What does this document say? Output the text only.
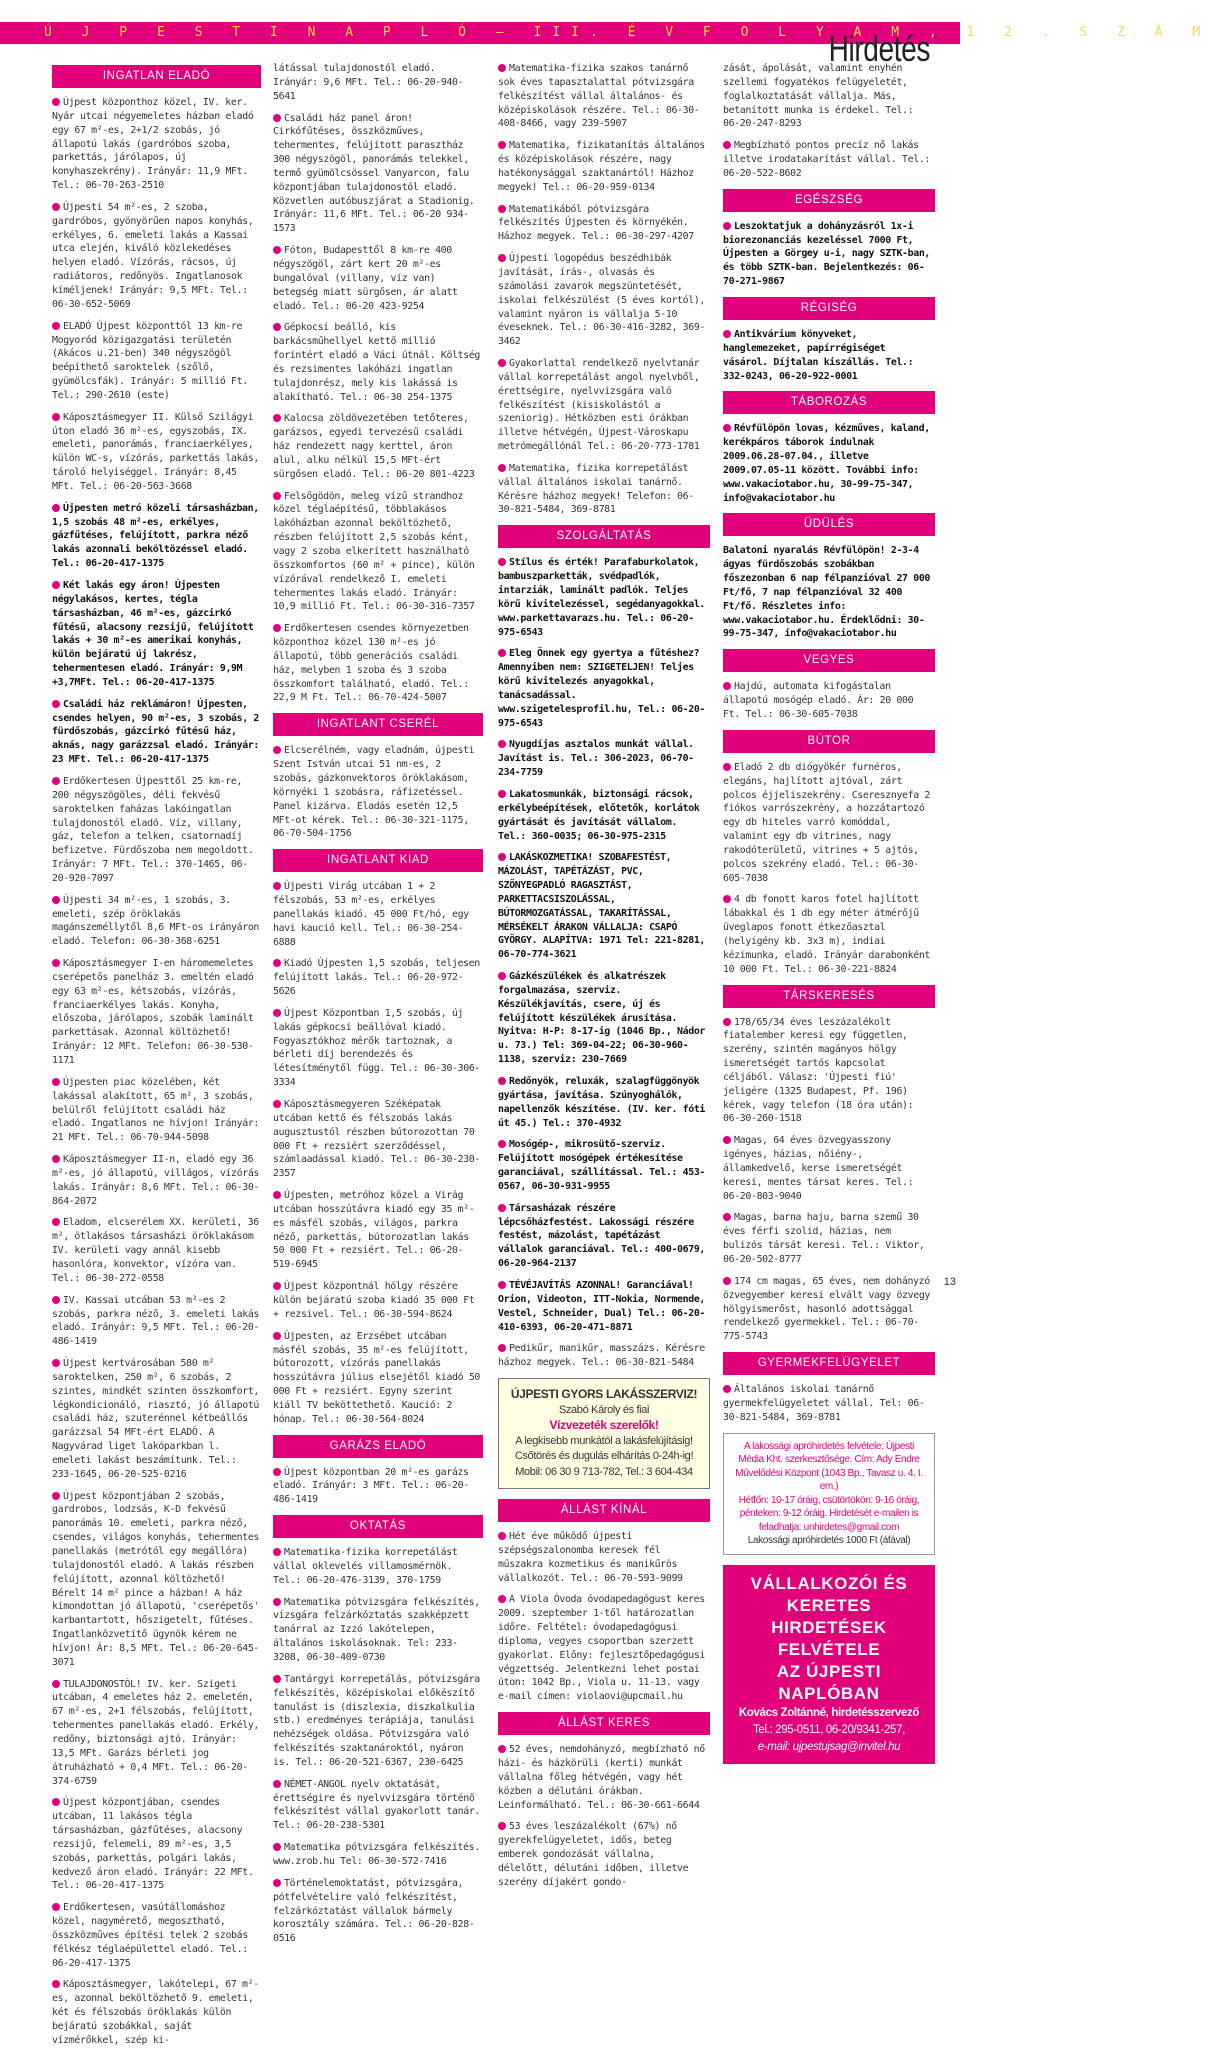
Ú J P E S T I N A P L Ó – III. É V F O L Y A M , 1 2 . S Z Á M
Hirdetés
INGATLAN ELADÓ
Újpest központhoz közel, IV. ker. Nyár utcai négyemeletes házban eladó egy 67 m²-es, 2+1/2 szobás, jó állapotú lakás (gardróbos szoba, parkettás, járólapos, új konyhaszekrény). Irányár: 11,9 MFt. Tel.: 06-70-263-2510
Újpesti 54 m²-es, 2 szoba, gardróbos, gyönyörűen napos konyhás, erkélyes, 6. emeleti lakás a Kassai utca elején, kiváló közlekedéses helyen eladó. Vízórás, rácsos, új radiátoros, redőnyös. Ingatlanosok kíméljenek! Irányár: 9,5 MFt. Tel.: 06-30-652-5069
ELADÓ Újpest központtól 13 km-re Mogyoród közigazgatási területén (Akácos u.21-ben) 340 négyszögöl beépíthető saroktelek (szőlő, gyümölcsfák). Irányár: 5 millió Ft. Tel.: 290-2610 (este)
Káposztásmegyer II. Külső Szilágyi úton eladó 36 m²-es, egyszobás, IX. emeleti, panorámás, franciaerkélyes, külön WC-s, vízórás, parkettás lakás, tároló helyiséggel. Irányár: 8,45 MFt. Tel.: 06-20-563-3668
Újpesten metró közeli társasházban, 1,5 szobás 48 m²-es, erkélyes, gázfűtéses, felújított, parkra néző lakás azonnali beköltözéssel eladó. Tel.: 06-20-417-1375
Két lakás egy áron! Újpesten négylakásos, kertes, tégla társasházban, 46 m²-es, gázcirkó fűtésű, alacsony rezsijű, felújított lakás + 30 m²-es amerikai konyhás, külön bejáratú új lakrész, tehermentesen eladó. Irányár: 9,9M +3,7MFt. Tel.: 06-20-417-1375
Családi ház reklámáron! Újpesten, csendes helyen, 90 m²-es, 3 szobás, 2 fürdőszobás, gázcirkó fűtésű ház, aknás, nagy garázzsal eladó. Irányár: 23 MFt. Tel.: 06-20-417-1375
Erdőkertesen Újpesttől 25 km-re, 200 négyszögöles, déli fekvésű saroktelken faházas lakóingatlan tulajdonostól eladó. Víz, villany, gáz, telefon a telken, csatornadíj befizetve. Fürdőszoba nem megoldott. Irányár: 7 MFt. Tel.: 370-1465, 06-20-920-7097
Újpesti 34 m²-es, 1 szobás, 3. emeleti, szép öröklakás magánszeméllytől 8,6 MFt-os irányáron eladó. Telefon: 06-30-368-6251
Káposztásmegyer I-en háromemeletes cserépetős panelház 3. emeltén eladó egy 63 m²-es, kétszobás, vízórás, franciaerkélyes lakás. Konyha, előszoba, járólapos, szobák laminált parkettásak. Azonnal költözhető! Irányár: 12 MFt. Telefon: 06-30-530-1171
Újpesten piac közelében, két lakással alakított, 65 m², 3 szobás, belülről felújított családi ház eladó. Ingatlanos ne hívjon! Irányár: 21 MFt. Tel.: 06-70-944-5098
Káposztásmegyer II-n, eladó egy 36 m²-es, jó állapotú, villágos, vízórás lakás. Irányár: 8,6 MFt. Tel.: 06-30-864-2072
Eladom, elcserélem XX. kerületi, 36 m², ötlakásos társasházi öröklakásom IV. kerületi vagy annál kisebb hasonlóra, konvektor, vízóra van. Tel.: 06-30-272-0558
IV. Kassai utcában 53 m²-es 2 szobás, parkra néző, 3. emeleti lakás eladó. Irányár: 9,5 MFt. Tel.: 06-20-486-1419
Újpest kertvárosában 580 m² saroktelken, 250 m², 6 szobás, 2 szintes, mindkét szinten összkomfort, légkondicionáló, riasztó, jó állapotú családi ház, szuterénnel kétbeállós garázzsal 54 MFt-ért ELADÓ. A Nagyvárad liget lakóparkban l. emeleti lakást beszámítunk. Tel.: 233-1645, 06-20-525-0216
Újpest központjában 2 szobás, gardrobos, lodzsás, K-D fekvésű panorámás 10. emeleti, parkra néző, csendes, világos konyhás, tehermentes panellakás (metrótól egy megállóra) tulajdonostól eladó. A lakás részben felújított, azonnal költözhető! Bérelt 14 m² pince a házban! A ház kimondottan jó állapotú, 'cserépetős' karbantartott, hőszigetelt, fűtéses. Ingatlanközvetítő ügynök kérem ne hívjon! Ár: 8,5 MFt. Tel.: 06-20-645-3071
TULAJDONOSTÓL! IV. ker. Szigeti utcában, 4 emeletes ház 2. emeletén, 67 m²-es, 2+1 félszobás, felújított, tehermentes panellakás eladó. Erkély, redőny, biztonsági ajtó. Irányár: 13,5 MFt. Garázs bérleti jog átruházható + 0,4 MFt. Tel.: 06-20-374-6759
Újpest központjában, csendes utcában, 11 lakásos tégla társasházban, gázfűtéses, alacsony rezsijű, felemeli, 89 m²-es, 3,5 szobás, parkettás, polgári lakás, kedvező áron eladó. Irányár: 22 MFt. Tel.: 06-20-417-1375
Erdőkertesen, vasútállomáshoz közel, nagymérető, megosztható, összközműves építési telek 2 szobás félkész téglaépülettel eladó. Tel.: 06-20-417-1375
Káposztásmegyer, lakótelepi, 67 m²-es, azonnal beköltözhető 9. emeleti, két és félszobás öröklakás külön bejáratú szobákkal, saját vízmérőkkel, szép ki-
látással tulajdonostól eladó. Irányár: 9,6 MFt. Tel.: 06-20-940-5641
Családi ház panel áron! Cirkófűtéses, összközműves, tehermentes, felújított parasztház 300 négyszögöl, panorámás telekkel, termő gyümölcsössel Vanyarcon, falu központjában tulajdonostól eladó. Közvetlen autóbuszjárat a Stadionig. Irányár: 11,6 MFt. Tel.: 06-20 934-1573
Fóton, Budapesttől 8 km-re 400 négyszögöl, zárt kert 20 m²-es bungalóval (villany, víz van) betegség miatt sürgősen, ár alatt eladó. Tel.: 06-20 423-9254
Gépkocsi beálló, kis barkácsműhellyel kettő millió forintért eladó a Váci útnál. Költség és rezsimentes lakóházi ingatlan tulajdonrész, mely kis lakássá is alakítható. Tel.: 06-30 254-1375
Kalocsa zöldövezetében tetőteres, garázsos, egyedi tervezésű családi ház rendezett nagy kerttel, áron alul, alku nélkül 15,5 MFt-ért sürgősen eladó. Tel.: 06-20 801-4223
Felsőgödön, meleg vízű strandhoz közel téglaépítésű, többlakásos lakóházban azonnal beköltözhető, részben felújított 2,5 szobás ként, vagy 2 szoba elkerített használható összkomfortos (60 m² + pince), külön vízórával rendelkező I. emeleti tehermentes lakás eladó. Irányár: 10,9 millió Ft. Tel.: 06-30-316-7357
Erdőkertesen csendes környezetben központhoz közel 130 m²-es jó állapotú, több generációs családi ház, melyben 1 szoba és 3 szoba összkomfort található, eladó. Tel.: 22,9 M Ft. Tel.: 06-70-424-5007
INGATLANT CSERÉL
Elcserélném, vagy eladnám, újpesti Szent István utcai 51 nm-es, 2 szobás, gázkonvektoros öröklakásom, környéki 1 szobásra, ráfizetéssel. Panel kizárva. Eladás esetén 12,5 MFt-ot kérek. Tel.: 06-30-321-1175, 06-70-504-1756
INGATLANT KIAD
Újpesti Virág utcában 1 + 2 félszobás, 53 m²-es, erkélyes panellakás kiadó. 45 000 Ft/hó, egy havi kaució kell. Tel.: 06-30-254-6888
Kiadó Újpesten 1,5 szobás, teljesen felújított lakás. Tel.: 06-20-972-5626
Újpest Központban 1,5 szobás, új lakás gépkocsi beállóval kiadó. Fogyasztókhoz mérők tartoznak, a bérleti díj berendezés és létesítménytől függ. Tel.: 06-30-306-3334
Káposztásmegyeren Széképatak utcában kettő és félszobás lakás augusztustól részben bútorozottan 70 000 Ft + rezsiért szerződéssel, számlaadással kiadó. Tel.: 06-30-230-2357
Újpesten, metróhoz közel a Virág utcában hosszútávra kiadó egy 35 m²-es másfél szobás, világos, parkra néző, parkettás, bútorozatlan lakás 50 000 Ft + rezsiért. Tel.: 06-20-519-6945
Újpest központnál hölgy részére külön bejáratú szoba kiadó 35 000 Ft + rezsivel. Tel.: 06-30-594-8624
Újpesten, az Erzsébet utcában másfél szobás, 35 m²-es felújított, bútorozott, vízórás panellakás hosszútávra július elsejétől kiadó 50 000 Ft + rezsiért. Egyny szerint kiáll TV beköttethető. Kaució: 2 hónap. Tel.: 06-30-564-8024
GARÁZS ELADÓ
Újpest központban 20 m²-es garázs eladó. Irányár: 3 MFt. Tel.: 06-20-486-1419
OKTATÁS
Matematika-fizika korrepetálást vállal oklevelés villamosmérnök. Tel.: 06-20-476-3139, 370-1759
Matematika pótvizsgára felkészítés, vizsgára felzárkóztatás szakképzett tanárral az Izzó lakótelepen, általános iskolásoknak. Tel: 233-3208, 06-30-409-0730
Tantárgyi korrepetálás, pótvizsgára felkészítés, középiskolai előkészítő tanulást is (diszlexia, diszkalkulia stb.) eredményes terápiája, tanulási nehézségek oldása. Pótvizsgára való felkészítés szaktanároktól, nyáron is. Tel.: 06-20-521-6367, 230-6425
NÉMET-ANGOL nyelv oktatását, érettségire és nyelvvizsgára történő felkészítést vállal gyakorlott tanár. Tel.: 06-20-238-5301
Matematika pótvizsgára felkészítés. www.zrob.hu Tel: 06-30-572-7416
Történelemoktatást, pótvizsgára, pótfelvételire való felkészítést, felzárkóztatást vállalok bármely korosztály számára. Tel.: 06-20-828-0516
Matematika-fizika szakos tanárnő sok éves tapasztalattal pótvizsgára felkészítést vállal általános- és középiskolások részére. Tel.: 06-30-408-8466, vagy 239-5907
Matematika, fizikatanítás általános és középiskolások részére, nagy hatékonysággal szaktanártól! Házhoz megyek! Tel.: 06-20-959-0134
Matematikából pótvizsgára felkészítés Újpesten és környékén. Házhoz megyek. Tel.: 06-30-297-4207
Újpesti logopédus beszédhibák javítását, írás-, olvasás és számolási zavarok megszüntetését, iskolai felkészülést (5 éves kortól), valamint nyáron is vállalja 5-10 éveseknek. Tel.: 06-30-416-3282, 369-3462
Gyakorlattal rendelkező nyelvtanár vállal korrepetálást angol nyelvből, érettségire, nyelvvizsgára való felkészítést (kisiskolástól a szeniorig). Hétközben esti órákban illetve hétvégén, Újpest-Városkapu metrómegállónál Tel.: 06-20-773-1781
Matematika, fizika korrepetálást vállal általános iskolai tanárnő. Kérésre házhoz megyek! Telefon: 06-30-821-5484, 369-8781
SZOLGÁLTATÁS
Stílus és érték! Parafaburkolatok, bambuszparketták, svédpadlók, intarziák, laminált padlók. Teljes körű kivitelezéssel, segédanyagokkal. www.parkettavarazs.hu. Tel.: 06-20-975-6543
Eleg Önnek egy gyertya a fűtéshez? Amennyiben nem: SZIGETELJEN! Teljes körű kivitelezés anyagokkal, tanácsadással. www.szigetelesprofil.hu, Tel.: 06-20-975-6543
Nyugdíjas asztalos munkát vállal. Javítást is. Tel.: 306-2023, 06-70-234-7759
Lakatosmunkák, biztonsági rácsok, erkélybeépítések, előtetők, korlátok gyártását és javítását vállalom. Tel.: 360-0035; 06-30-975-2315
LAKÁSKOZMETIKA! SZOBAFESTÉST, MÁZOLÁST, TAPÉTÁZÁST, PVC, SZŐNYEGPADLÓ RAGASZTÁST, PARKETTACSISZOLÁSSAL, BÚTORMOZGATÁSSAL, TAKARÍTÁSSAL, MÉRSÉKELT ÁRAKON VÁLLALJA: CSAPÓ GYÖRGY. ALAPÍTVA: 1971 Tel: 221-8281, 06-70-774-3621
Gázkészülékek és alkatrészek forgalmazása, szerviz. Készülékjavítás, csere, új és felújított készülékek árusítása. Nyitva: H-P: 8-17-ig (1046 Bp., Nádor u. 73.) Tel: 369-04-22; 06-30-960-1138, szerviz: 230-7669
Redőnyök, reluxák, szalagfüggönyök gyártása, javítása. Szúnyoghálók, napellenzők készítése. (IV. ker. fóti út 45.) Tel.: 370-4932
Mosógép-, mikrosütő-szerviz. Felújított mosógépek értékesítése garanciával, szállítással. Tel.: 453-0567, 06-30-931-9955
Társasházak részére lépcsőházfestést. Lakossági részére festést, mázolást, tapétázást vállalok garanciával. Tel.: 400-0679, 06-20-964-2137
TÉVÉJAVÍTÁS AZONNAL! Garanciával! Orion, Videoton, ITT-Nokia, Normende, Vestel, Schneider, Dual) Tel.: 06-20-410-6393, 06-20-471-8871
Pedikűr, manikűr, masszázs. Kérésre házhoz megyek. Tel.: 06-30-821-5484
ÚJPESTI GYORS LAKÁSSZERVIZ!
Szabó Károly és fiai
Vízvezeték szerelők!
A legkisebb munkától a lakásfelújításig! Csőtörés és dugulás elhárítás 0-24h-ig!
Mobil: 06 30 9 713-782, Tel.: 3 604-434
ÁLLÁST KÍNÁL
Hét éve működő újpesti szépségszalonomba keresek fél műszakra kozmetikus és manikűrös vállalkozót. Tel.: 06-70-593-9099
A Viola Óvoda óvodapedagógust keres 2009. szeptember 1-től határozatlan időre. Feltétel: óvodapedagógusi diploma, vegyes csoportban szerzett gyakorlat. Előny: fejlesztőpedagógusi végzettség. Jelentkezni lehet postai úton: 1042 Bp., Viola u. 11-13. vagy e-mail címen: violaovi@upcmail.hu
ÁLLÁST KERES
52 éves, nemdohányzó, megbízható nő házi- és házkörüli (kerti) munkát vállalna főleg hétvégén, vagy hét közben a délutáni órákban. Leinformálható. Tel.: 06-30-661-6644
53 éves leszázalékolt (67%) nő gyerekfelügyeletet, idős, beteg emberek gondozását vállalna, délelőtt, délutáni időben, illetve szerény díjakért gondo-
zását, ápolását, valamint enyhén szellemi fogyatékos felügyeletét, foglalkoztatását vállalja. Más, betanított munka is érdekel. Tel.: 06-20-247-8293
Megbízható pontos precíz nő lakás illetve irodatakarítást vállal. Tel.: 06-20-522-8602
EGÉSZSÉG
Leszoktatjuk a dohányzásról 1x-i biorezonanciás kezeléssel 7000 Ft, Újpesten a Görgey u-i, nagy SZTK-ban, és több SZTK-ban. Bejelentkezés: 06-70-271-9867
RÉGISÉG
Antikvárium könyveket, hanglemezeket, papírrégiséget vásárol. Díjtalan kiszállás. Tel.: 332-0243, 06-20-922-0001
TÁBOROZÁS
Révfülöpön lovas, kézműves, kaland, kerékpáros táborok indulnak 2009.06.28-07.04., illetve 2009.07.05-11 között. További info: www.vakaciotabor.hu, 30-99-75-347, info@vakaciotabor.hu
ÜDÜLÉS
Balatoni nyaralás Révfülöpön! 2-3-4 ágyas fürdőszobás szobákban főszezonban 6 nap félpanzióval 27 000 Ft/fő, 7 nap félpanzióval 32 400 Ft/fő. Részletes info: www.vakaciotabor.hu. Érdeklődni: 30-99-75-347, info@vakaciotabor.hu
VEGYES
Hajdú, automata kifogástalan állapotú mosógép eladó. Ár: 20 000 Ft. Tel.: 06-30-605-7038
BÚTOR
Eladó 2 db diógyökér furnéros, elegáns, hajlított ajtóval, zárt polcos éjjeliszekrény. Cseresznyefa 2 fiókos varrószekrény, a hozzátartozó egy db hiteles varró komóddal, valamint egy db vitrines, nagy rakodóterületű, vitrines + 5 ajtós, polcos szekrény eladó. Tel.: 06-30-605-7038
4 db fonott karos fotel hajlított lábakkal és 1 db egy méter átmérőjű üveglapos fonott étkezőasztal (helyigény kb. 3x3 m), indiai kézimunka, eladó. Irányár darabonként 10 000 Ft. Tel.: 06-30-221-8824
TÁRSKERESÉS
178/65/34 éves leszázalékolt fiatalember keresi egy független, szerény, szintén magányos hölgy ismeretségét tartós kapcsolat céljából. Válasz: 'Újpesti fiú' jeligére (1325 Budapest, Pf. 196) kérek, vagy telefon (18 óra után): 06-30-260-1518
Magas, 64 éves özvegyasszony igényes, házias, nőiény-, államkedvelő, kerse ismeretségét keresi, mentes társat keres. Tel.: 06-20-803-9040
Magas, barna haju, barna szemű 30 éves férfi szolid, házias, nem bulizós társát keresi. Tel.: Viktor, 06-20-502-8777
174 cm magas, 65 éves, nem dohányzó özvegyember keresi elvált vagy özvegy hölgyismerőst, hasonló adottsággal rendelkező gyermekkel. Tel.: 06-70-775-5743
GYERMEKFELÜGYELET
Általános iskolai tanárnő gyermekfelügyeletet vállal. Tel: 06-30-821-5484, 369-8781
A lakossági apróhirdetés felvétele: Újpesti
Média Kht. szerkesztősége. Cím: Ady Endre
Művelődési Központ (1043 Bp., Tavasz u. 4. I. em.)
Hétfőn: 10-17 óráig, csütörtökön: 9-16 óráig,
pénteken: 9-12 óráig. Hirdetését e-mailen is
feladhatja: unhirdetes@gmail.com
Lakossági apróhirdetés 1000 Ft (áfával)
VÁLLALKOZÓI ÉS KERETES
HIRDETÉSEK FELVÉTELE
AZ ÚJPESTI NAPLÓBAN
Kovács Zoltánné, hirdetésszervező
Tel.: 295-0511, 06-20/9341-257,
e-mail: ujpestujsag@invitel.hu
13
